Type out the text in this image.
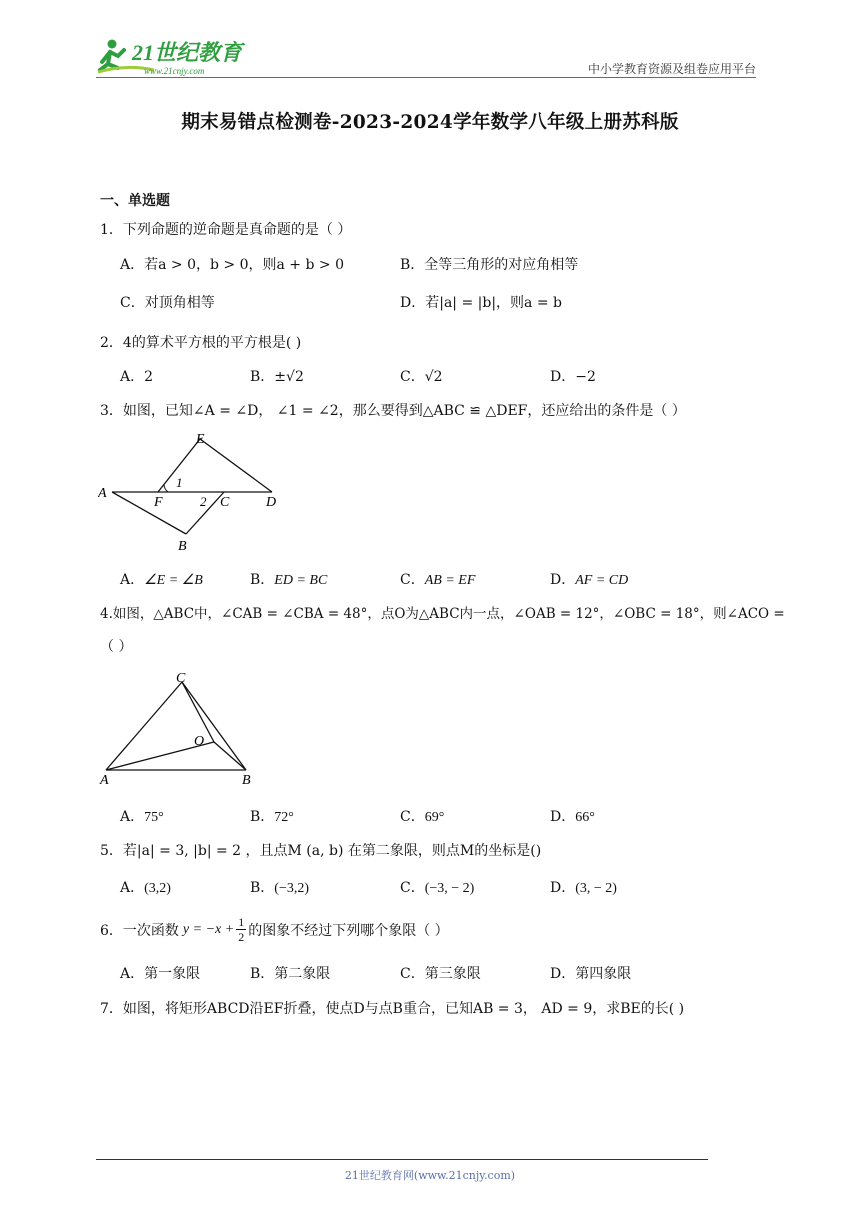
21世纪教育
www.21cnjy.com	中小学教育资源及组卷应用平台
期末易错点检测卷-2023-2024学年数学八年级上册苏科版
一、单选题
1．下列命题的逆命题是真命题的是（ ）
A．若a > 0，b > 0，则a + b > 0	B．全等三角形的对应角相等
C．对顶角相等	D．若|a| = |b|，则a = b
2．4的算术平方根的平方根是( )
A．2	B．±√2	C．√2	D．−2
3．如图，已知∠A = ∠D， ∠1 = ∠2，那么要得到△ABC ≌ △DEF，还应给出的条件是（ ）
E
A
1
F	2 C	D
B
A．∠E = ∠B	B．ED = BC	C．AB = EF	D．AF = CD
4.如图，△ABC中，∠CAB = ∠CBA = 48°，点O为△ABC内一点，∠OAB = 12°，∠OBC = 18°，则∠ACO =
（ ）
C
O
A	B
A．75°	B．72°	C．69°	D．66°
5．若|a| = 3, |b| = 2 ，且点M (a, b) 在第二象限，则点M的坐标是()
A．(3,2)	B．(−3,2)	C．(−3, − 2)	D．(3, − 2)
6． 一次函数 $y = -x + \frac{1}{2}$ 的图象不经过下列哪个象限（ ）
A．第一象限	B．第二象限	C．第三象限	D．第四象限
7．如图，将矩形ABCD沿EF折叠，使点D与点B重合，已知AB = 3， AD = 9，求BE的长( )
21世纪教育网(www.21cnjy.com)
